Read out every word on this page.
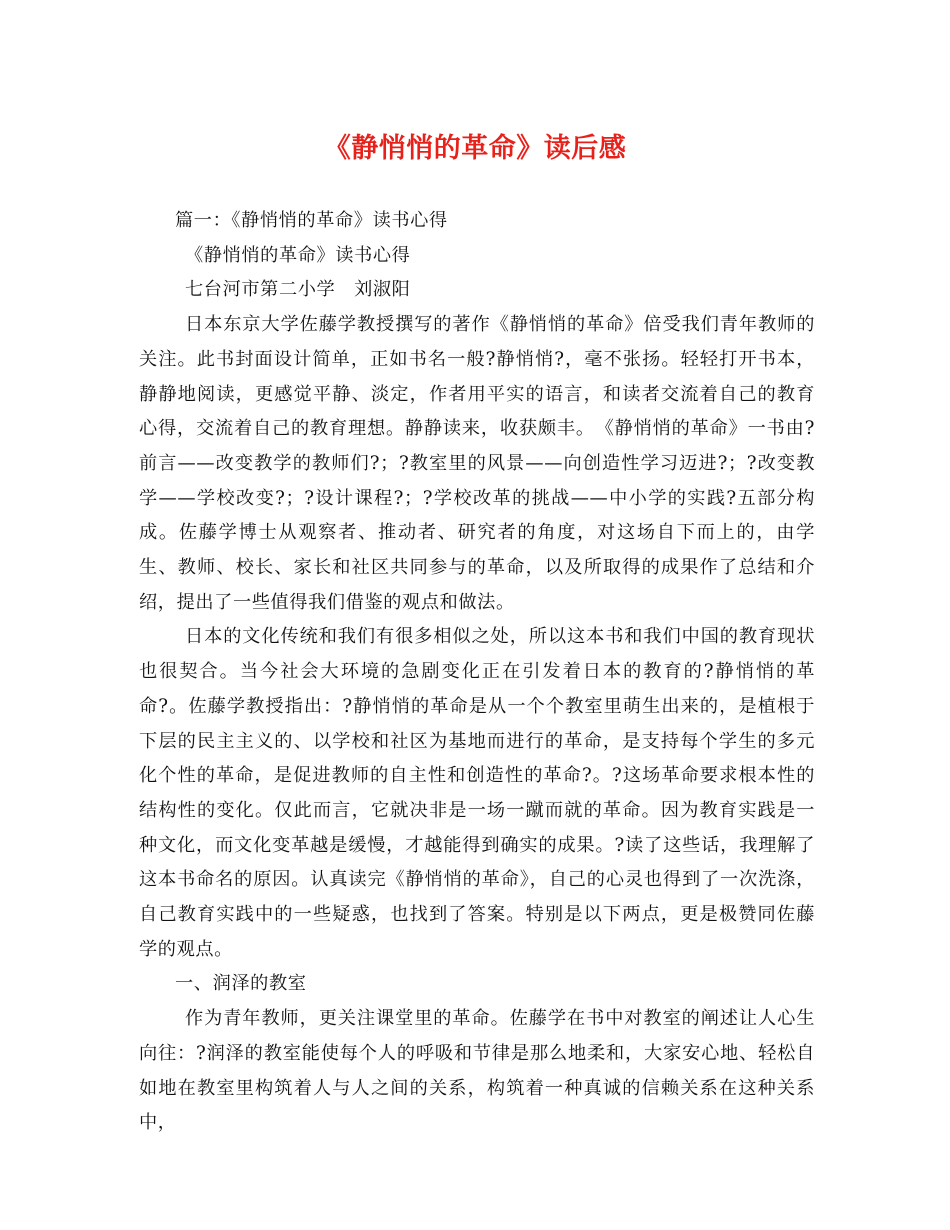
《静悄悄的革命》读后感

篇一：《静悄悄的革命》读书心得

《静悄悄的革命》读书心得

七台河市第二小学　刘淑阳

日本东京大学佐藤学教授撰写的著作《静悄悄的革命》倍受我们青年教师的关注。此书封面设计简单，正如书名一般?静悄悄?，毫不张扬。轻轻打开书本，静静地阅读，更感觉平静、淡定，作者用平实的语言，和读者交流着自己的教育心得，交流着自己的教育理想。静静读来，收获颇丰。　《静悄悄的革命》一书由?前言——改变教学的教师们?；?教室里的风景——向创造性学习迈进?；?改变教学——学校改变?；?设计课程?；?学校改革的挑战——中小学的实践?五部分构成。佐藤学博士从观察者、推动者、研究者的角度，对这场自下而上的，由学生、教师、校长、家长和社区共同参与的革命，以及所取得的成果作了总结和介绍，提出了一些值得我们借鉴的观点和做法。

日本的文化传统和我们有很多相似之处，所以这本书和我们中国的教育现状也很契合。当今社会大环境的急剧变化正在引发着日本的教育的?静悄悄的革命?。佐藤学教授指出：?静悄悄的革命是从一个个教室里萌生出来的，是植根于下层的民主主义的、以学校和社区为基地而进行的革命，是支持每个学生的多元化个性的革命，是促进教师的自主性和创造性的革命?。?这场革命要求根本性的结构性的变化。仅此而言，它就决非是一场一蹴而就的革命。因为教育实践是一种文化，而文化变革越是缓慢，才越能得到确实的成果。?读了这些话，我理解了这本书命名的原因。认真读完《静悄悄的革命》，自己的心灵也得到了一次洗涤，自己教育实践中的一些疑惑，也找到了答案。特别是以下两点，更是极赞同佐藤学的观点。

一、润泽的教室

作为青年教师，更关注课堂里的革命。佐藤学在书中对教室的阐述让人心生向往：?润泽的教室能使每个人的呼吸和节律是那么地柔和，大家安心地、轻松自如地在教室里构筑着人与人之间的关系，构筑着一种真诚的信赖关系在这种关系中，
